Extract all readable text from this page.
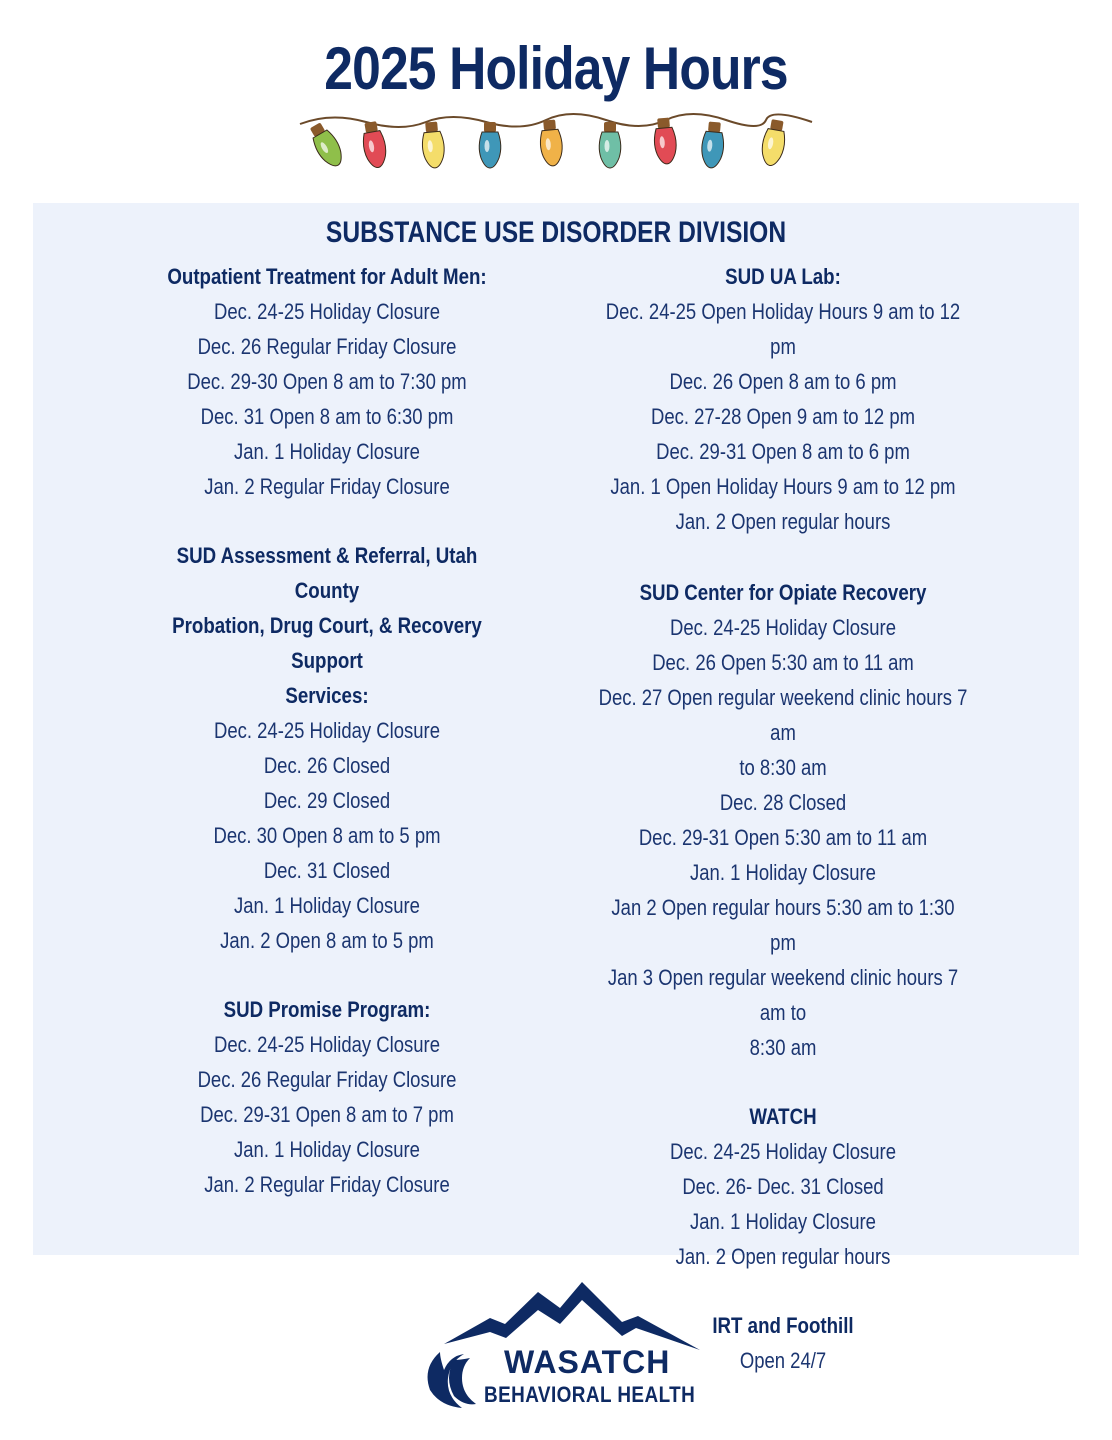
2025 Holiday Hours
SUBSTANCE USE DISORDER DIVISION
Outpatient Treatment for Adult Men:
Dec. 24-25 Holiday Closure
Dec. 26 Regular Friday Closure
Dec. 29-30 Open 8 am to 7:30 pm
Dec. 31 Open 8 am to 6:30 pm
Jan. 1 Holiday Closure
Jan. 2 Regular Friday Closure
SUD Assessment & Referral, Utah County
Probation, Drug Court, & Recovery Support
Services:
Dec. 24-25 Holiday Closure
Dec. 26 Closed
Dec. 29 Closed
Dec. 30 Open 8 am to 5 pm
Dec. 31 Closed
Jan. 1 Holiday Closure
Jan. 2 Open 8 am to 5 pm
SUD Promise Program:
Dec. 24-25 Holiday Closure
Dec. 26 Regular Friday Closure
Dec. 29-31 Open 8 am to 7 pm
Jan. 1 Holiday Closure
Jan. 2 Regular Friday Closure
SUD UA Lab:
Dec. 24-25 Open Holiday Hours 9 am to 12 pm
Dec. 26 Open 8 am to 6 pm
Dec. 27-28 Open 9 am to 12 pm
Dec. 29-31 Open 8 am to 6 pm
Jan. 1 Open Holiday Hours 9 am to 12 pm
Jan. 2 Open regular hours
SUD Center for Opiate Recovery
Dec. 24-25 Holiday Closure
Dec. 26 Open 5:30 am to 11 am
Dec. 27 Open regular weekend clinic hours 7 am
to 8:30 am
Dec. 28 Closed
Dec. 29-31 Open 5:30 am to 11 am
Jan. 1 Holiday Closure
Jan 2 Open regular hours 5:30 am to 1:30 pm
Jan 3 Open regular weekend clinic hours 7 am to
8:30 am
WATCH
Dec. 24-25 Holiday Closure
Dec. 26- Dec. 31 Closed
Jan. 1 Holiday Closure
Jan. 2 Open regular hours
IRT and Foothill
Open 24/7
WASATCH
BEHAVIORAL HEALTH
